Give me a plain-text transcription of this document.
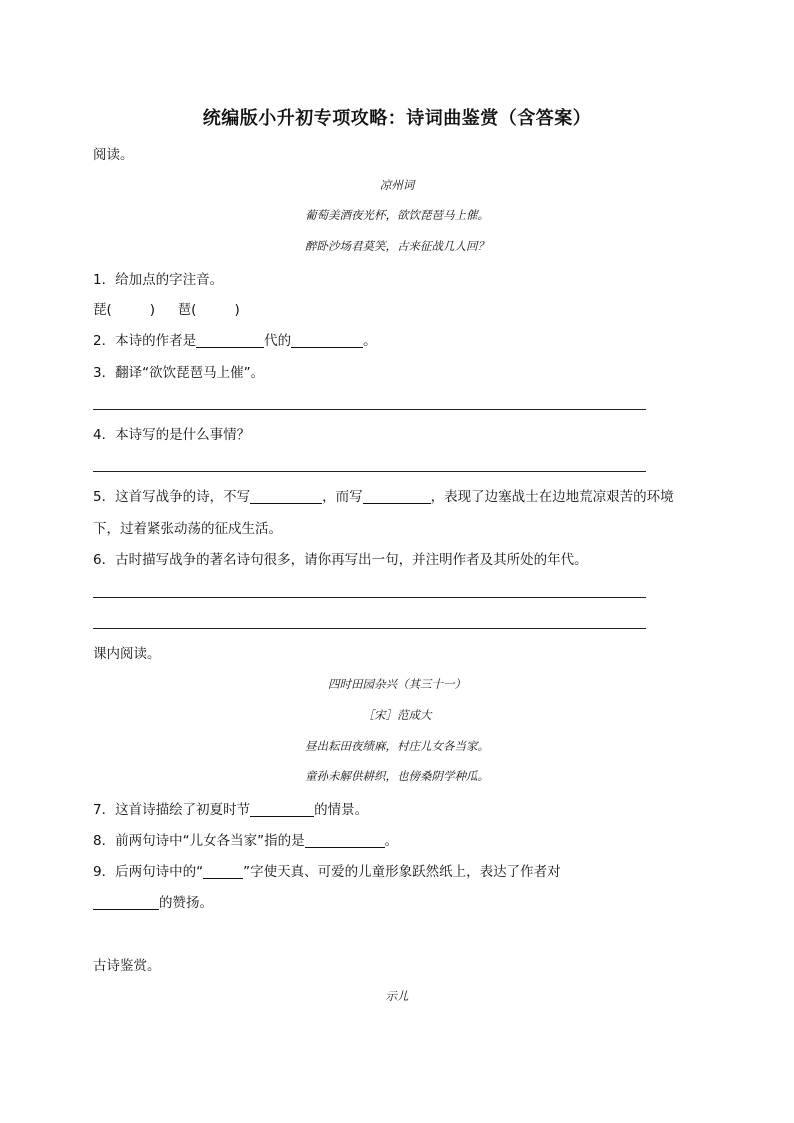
统编版小升初专项攻略：诗词曲鉴赏（含答案）
阅读。
凉州词
葡萄美酒夜光杯，欲饮琵琶马上催。
醉卧沙场君莫笑，古来征战几人回？
1．给加点的字注音。
琵(	) 琶(	)
2．本诗的作者是	代的	。
3．翻译“欲饮琵琶马上催”。
4．本诗写的是什么事情？
5．这首写战争的诗，不写	，而写	，表现了边塞战士在边地荒凉艰苦的环境
下，过着紧张动荡的征戍生活。
6．古时描写战争的著名诗句很多，请你再写出一句，并注明作者及其所处的年代。
课内阅读。
四时田园杂兴（其三十一）
［宋］范成大
昼出耘田夜绩麻，村庄儿女各当家。
童孙未解供耕织，也傍桑阴学种瓜。
7．这首诗描绘了初夏时节	的情景。
8．前两句诗中“儿女各当家”指的是	。
9．后两句诗中的“	”字使天真、可爱的儿童形象跃然纸上，表达了作者对
的赞扬。
古诗鉴赏。
示儿
